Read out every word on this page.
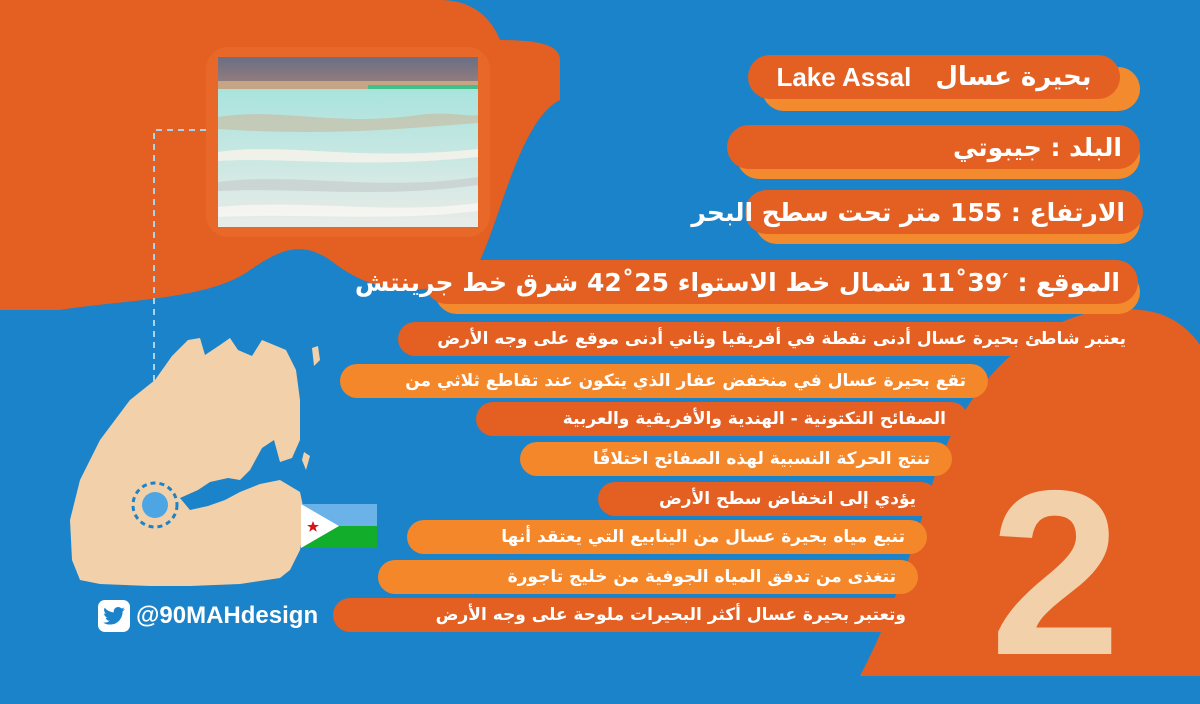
بحيرة عسال
Lake Assal
البلد : جيبوتي
الارتفاع : 155 متر تحت سطح البحر
الموقع : ′39˚11 شمال خط الاستواء 25˚42 شرق خط جرينتش
يعتبر شاطئ بحيرة عسال أدنى نقطة في أفريقيا وثاني أدنى موقع على وجه الأرض
تقع بحيرة عسال في منخفض عفار الذي يتكون عند تقاطع ثلاثي من
الصفائح التكتونية - الهندية والأفريقية والعربية
تنتج الحركة النسبية لهذه الصفائح اختلافًا
يؤدي إلى انخفاض سطح الأرض
تنبع مياه بحيرة عسال من الينابيع التي يعتقد أنها
تتغذى من تدفق المياه الجوفية من خليج تاجورة
وتعتبر بحيرة عسال أكثر البحيرات ملوحة على وجه الأرض 2
@90MAHdesign
